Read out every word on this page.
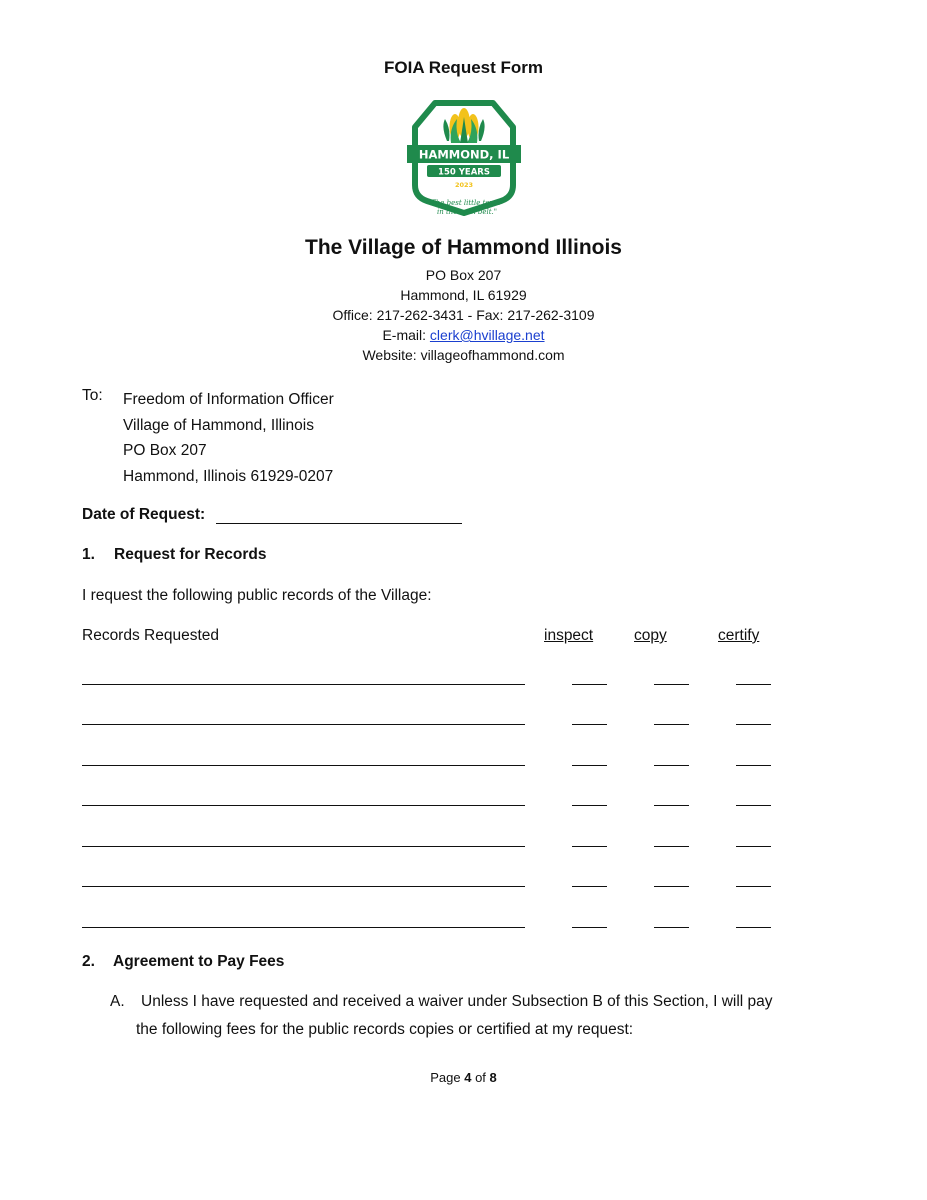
FOIA Request Form
HAMMOND, IL
150 YEARS
2023
"The best little town
in the corn belt."
The Village of Hammond Illinois
PO Box 207
Hammond, IL 61929
Office: 217-262-3431 - Fax: 217-262-3109
E-mail: clerk@hvillage.net
Website: villageofhammond.com
To: Freedom of Information Officer
Village of Hammond, Illinois
PO Box 207
Hammond, Illinois 61929-0207
Date of Request:
1. Request for Records
I request the following public records of the Village:
Records Requested	inspect	copy	certify
2. Agreement to Pay Fees
A. Unless I have requested and received a waiver under Subsection B of this Section, I will pay
the following fees for the public records copies or certified at my request:
Page 4 of 8
